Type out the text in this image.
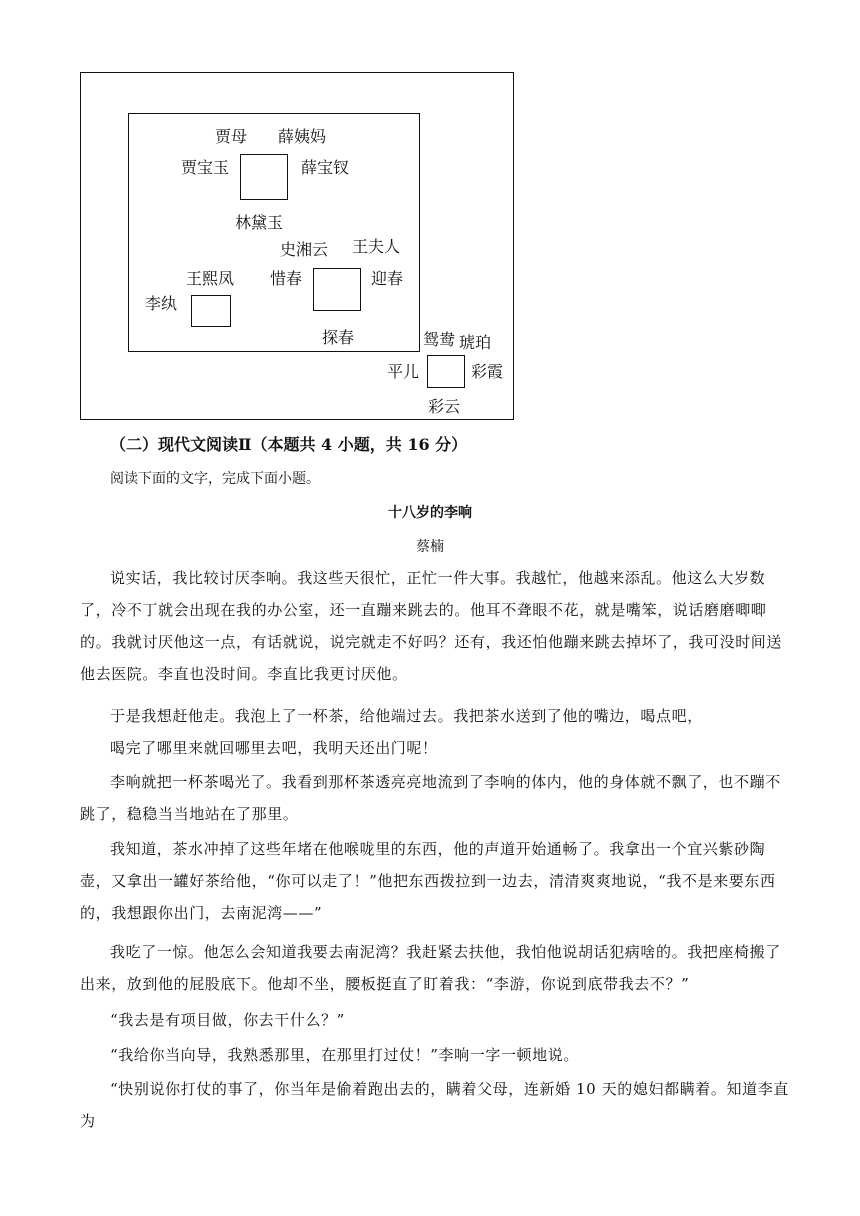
贾母 薛姨妈
贾宝玉	薛宝钗
林黛玉
史湘云 王夫人
王熙凤 惜春	迎春
李纨
探春	鸳鸯 琥珀
平儿	彩霞
彩云
（二）现代文阅读Ⅱ（本题共 4 小题，共 16 分）
阅读下面的文字，完成下面小题。
十八岁的李响
蔡楠
说实话，我比较讨厌李响。我这些天很忙，正忙一件大事。我越忙，他越来添乱。他这么大岁数了，冷不丁就会出现在我的办公室，还一直蹦来跳去的。他耳不聋眼不花，就是嘴笨，说话磨磨唧唧的。我就讨厌他这一点，有话就说，说完就走不好吗？还有，我还怕他蹦来跳去掉坏了，我可没时间送他去医院。李直也没时间。李直比我更讨厌他。
于是我想赶他走。我泡上了一杯茶，给他端过去。我把茶水送到了他的嘴边，喝点吧，
喝完了哪里来就回哪里去吧，我明天还出门呢！
李响就把一杯茶喝光了。我看到那杯茶透亮亮地流到了李响的体内，他的身体就不飘了，也不蹦不跳了，稳稳当当地站在了那里。
我知道，茶水冲掉了这些年堵在他喉咙里的东西，他的声道开始通畅了。我拿出一个宜兴紫砂陶壶，又拿出一罐好茶给他，“你可以走了！”他把东西拨拉到一边去，清清爽爽地说，“我不是来要东西的，我想跟你出门，去南泥湾——”
我吃了一惊。他怎么会知道我要去南泥湾？我赶紧去扶他，我怕他说胡话犯病啥的。我把座椅搬了出来，放到他的屁股底下。他却不坐，腰板挺直了盯着我：“李游，你说到底带我去不？”
“我去是有项目做，你去干什么？”
“我给你当向导，我熟悉那里，在那里打过仗！”李响一字一顿地说。
“快别说你打仗的事了，你当年是偷着跑出去的，瞒着父母，连新婚 10 天的媳妇都瞒着。知道李直为
